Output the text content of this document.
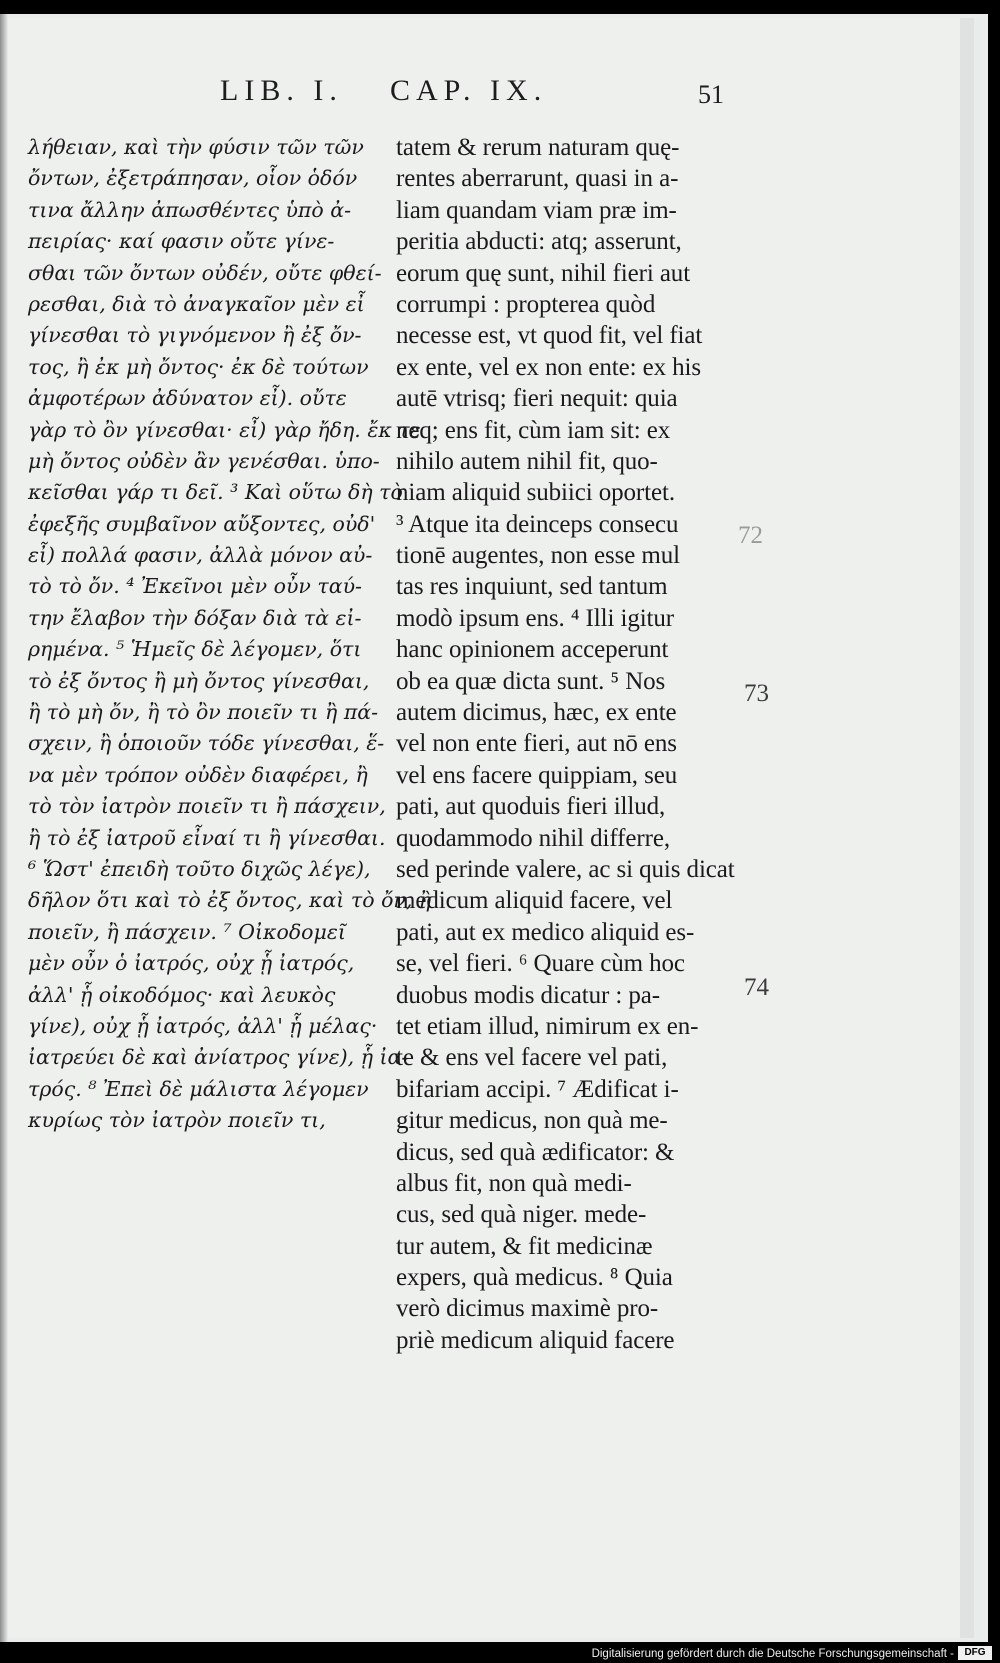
LIB. I. CAP. IX.	51
λήθειαν, καὶ τὴν φύσιν τῶν τῶν
ὄντων, ἐξετράπησαν, οἷον ὁδόν
τινα ἄλλην ἀπωσθέντες ὑπὸ ἀ-
πειρίας· καί φασιν οὔτε γίνε-
σθαι τῶν ὄντων οὐδέν, οὔτε φθεί-
ρεσθαι, διὰ τὸ ἀναγκαῖον μὲν εἶ
γίνεσθαι τὸ γιγνόμενον ἢ ἐξ ὄν-
τος, ἢ ἐκ μὴ ὄντος· ἐκ δὲ τούτων
ἀμφοτέρων ἀδύνατον εἶ). οὔτε
γὰρ τὸ ὂν γίνεσθαι· εἶ) γὰρ ἤδη. ἔκ τε
μὴ ὄντος οὐδὲν ἂν γενέσθαι. ὑπο-
κεῖσθαι γάρ τι δεῖ. ³ Καὶ οὕτω δὴ τὸ
ἐφεξῆς συμβαῖνον αὔξοντες, οὐδ'
εἶ) πολλά φασιν, ἀλλὰ μόνον αὐ-
τὸ τὸ ὄν. ⁴ Ἐκεῖνοι μὲν οὖν ταύ-
την ἔλαβον τὴν δόξαν διὰ τὰ εἰ-
ρημένα. ⁵ Ἡμεῖς δὲ λέγομεν, ὅτι
τὸ ἐξ ὄντος ἢ μὴ ὄντος γίνεσθαι,
ἢ τὸ μὴ ὄν, ἢ τὸ ὂν ποιεῖν τι ἢ πά-
σχειν, ἢ ὁποιοῦν τόδε γίνεσθαι, ἕ-
να μὲν τρόπον οὐδὲν διαφέρει, ἢ
τὸ τὸν ἰατρὸν ποιεῖν τι ἢ πάσχειν,
ἢ τὸ ἐξ ἰατροῦ εἶναί τι ἢ γίνεσθαι.
⁶ Ὥστ' ἐπειδὴ τοῦτο διχῶς λέγε),
δῆλον ὅτι καὶ τὸ ἐξ ὄντος, καὶ τὸ ὄν, ἢ
ποιεῖν, ἢ πάσχειν. ⁷ Οἰκοδομεῖ
μὲν οὖν ὁ ἰατρός, οὐχ ᾗ ἰατρός,
ἀλλ' ᾗ οἰκοδόμος· καὶ λευκὸς
γίνε), οὐχ ᾗ ἰατρός, ἀλλ' ᾗ μέλας·
ἰατρεύει δὲ καὶ ἀνίατρος γίνε), ᾗ ἰα-
τρός. ⁸ Ἐπεὶ δὲ μάλιστα λέγομεν
κυρίως τὸν ἰατρὸν ποιεῖν τι,
tatem & rerum naturam quę-
rentes aberrarunt, quasi in a-
liam quandam viam præ im-
peritia abducti: atq; asserunt,
eorum quę sunt, nihil fieri aut
corrumpi : propterea quòd
necesse est, vt quod fit, vel fiat
ex ente, vel ex non ente: ex his
autē vtrisq; fieri nequit: quia
neq; ens fit, cùm iam sit: ex
nihilo autem nihil fit, quo-
niam aliquid subiici oportet.
³ Atque ita deinceps consecu
tionē augentes, non esse mul
tas res inquiunt, sed tantum
modò ipsum ens. ⁴ Illi igitur
hanc opinionem acceperunt
ob ea quæ dicta sunt. ⁵ Nos
autem dicimus, hæc, ex ente
vel non ente fieri, aut nō ens
vel ens facere quippiam, seu
pati, aut quoduis fieri illud,
quodammodo nihil differre,
sed perinde valere, ac si quis dicat
medicum aliquid facere, vel
pati, aut ex medico aliquid es-
se, vel fieri. ⁶ Quare cùm hoc
duobus modis dicatur : pa-
tet etiam illud, nimirum ex en-
te & ens vel facere vel pati,
bifariam accipi. ⁷ Ædificat i-
gitur medicus, non quà me-
dicus, sed quà ædificator: &
albus fit, non quà medi-
cus, sed quà niger. mede-
tur autem, & fit medicinæ
expers, quà medicus. ⁸ Quia
verò dicimus maximè pro-
priè medicum aliquid facere
72
73
74
Digitalisierung gefördert durch die Deutsche Forschungsgemeinschaft -	DFG
